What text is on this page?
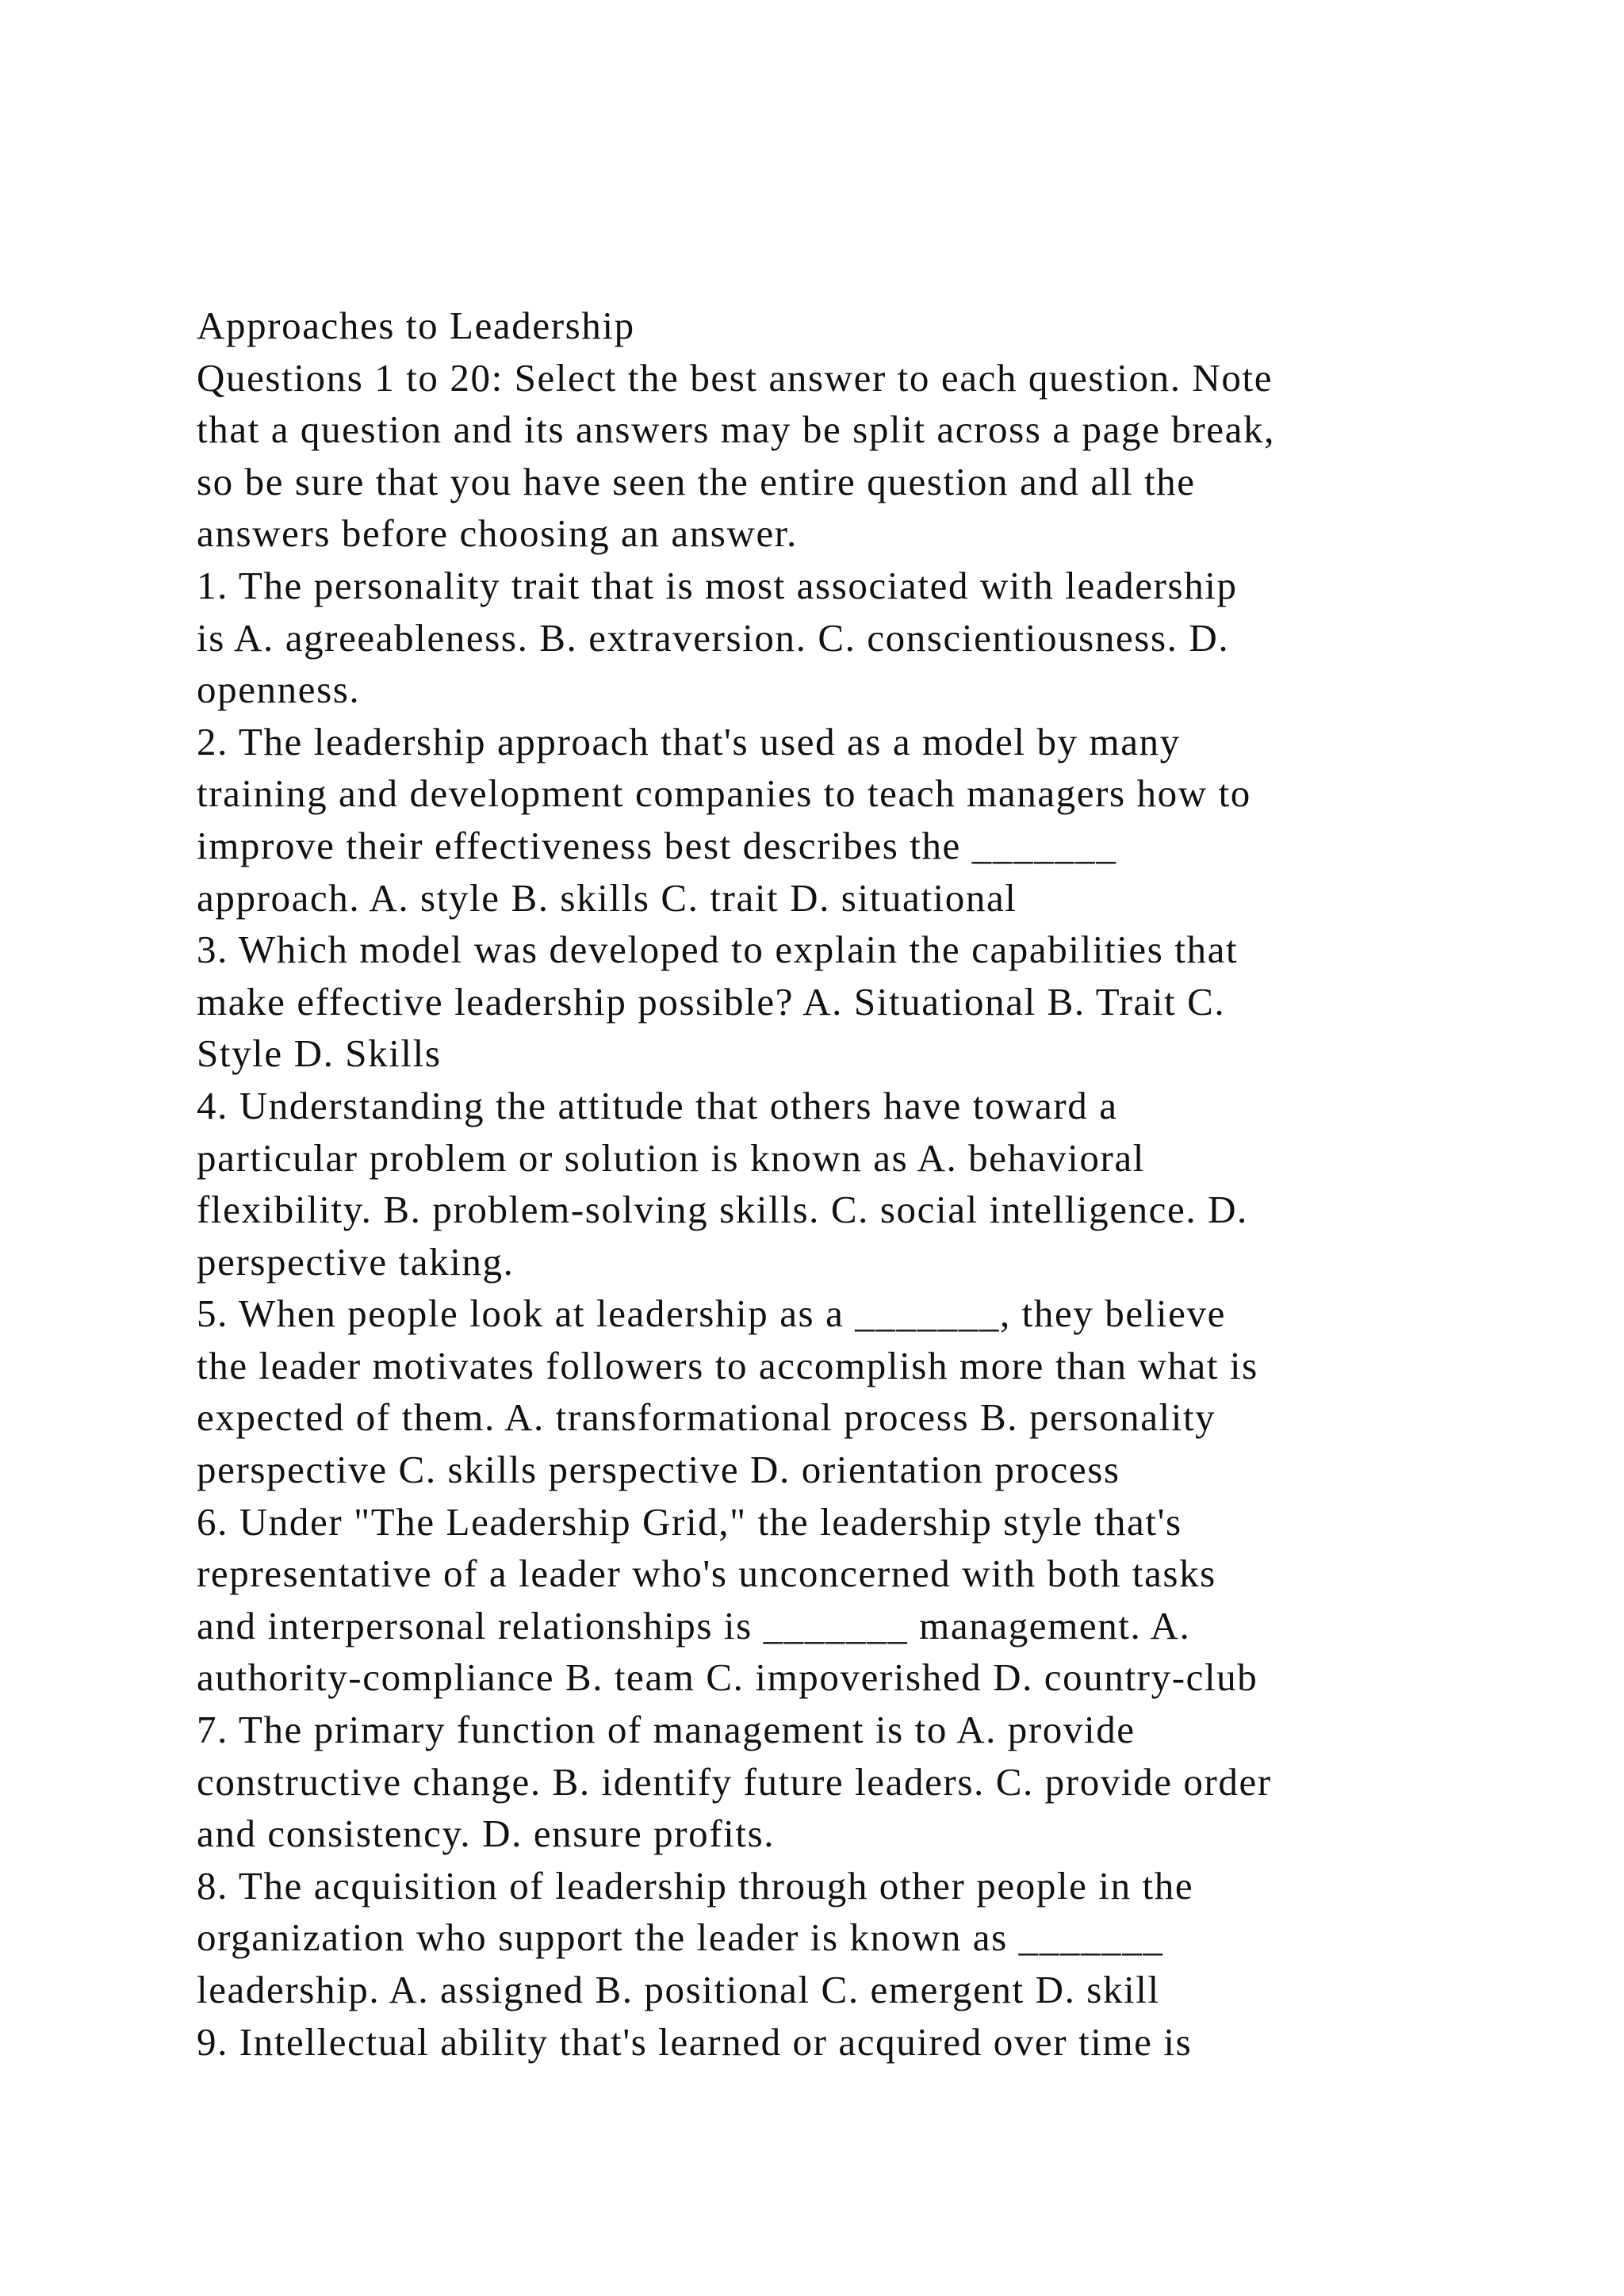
Approaches to Leadership
Questions 1 to 20: Select the best answer to each question. Note
that a question and its answers may be split across a page break,
so be sure that you have seen the entire question and all the
answers before choosing an answer.
1. The personality trait that is most associated with leadership
is A. agreeableness. B. extraversion. C. conscientiousness. D.
openness.
2. The leadership approach that's used as a model by many
training and development companies to teach managers how to
improve their effectiveness best describes the _______
approach. A. style B. skills C. trait D. situational
3. Which model was developed to explain the capabilities that
make effective leadership possible? A. Situational B. Trait C.
Style D. Skills
4. Understanding the attitude that others have toward a
particular problem or solution is known as A. behavioral
flexibility. B. problem-solving skills. C. social intelligence. D.
perspective taking.
5. When people look at leadership as a _______, they believe
the leader motivates followers to accomplish more than what is
expected of them. A. transformational process B. personality
perspective C. skills perspective D. orientation process
6. Under "The Leadership Grid," the leadership style that's
representative of a leader who's unconcerned with both tasks
and interpersonal relationships is _______ management. A.
authority-compliance B. team C. impoverished D. country-club
7. The primary function of management is to A. provide
constructive change. B. identify future leaders. C. provide order
and consistency. D. ensure profits.
8. The acquisition of leadership through other people in the
organization who support the leader is known as _______
leadership. A. assigned B. positional C. emergent D. skill
9. Intellectual ability that's learned or acquired over time is
